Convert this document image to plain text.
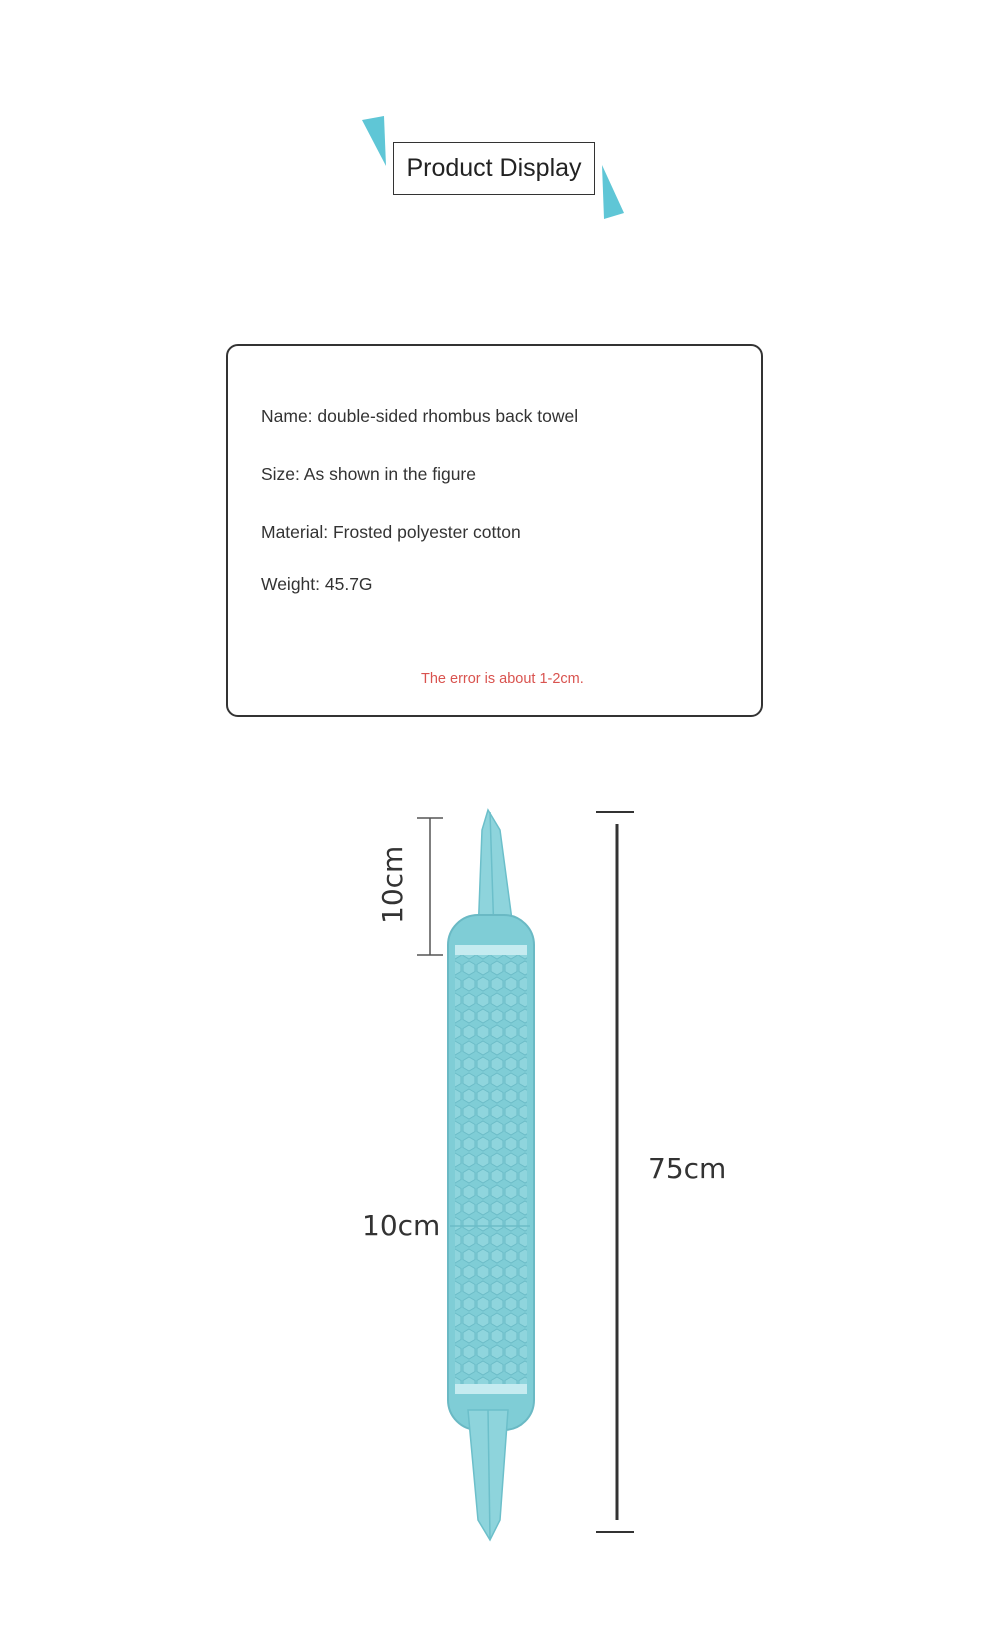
Product Display
Name: double-sided rhombus back towel
Size: As shown in the figure
Material: Frosted polyester cotton
Weight: 45.7G
The error is about 1-2cm.
10cm
10cm
75cm
